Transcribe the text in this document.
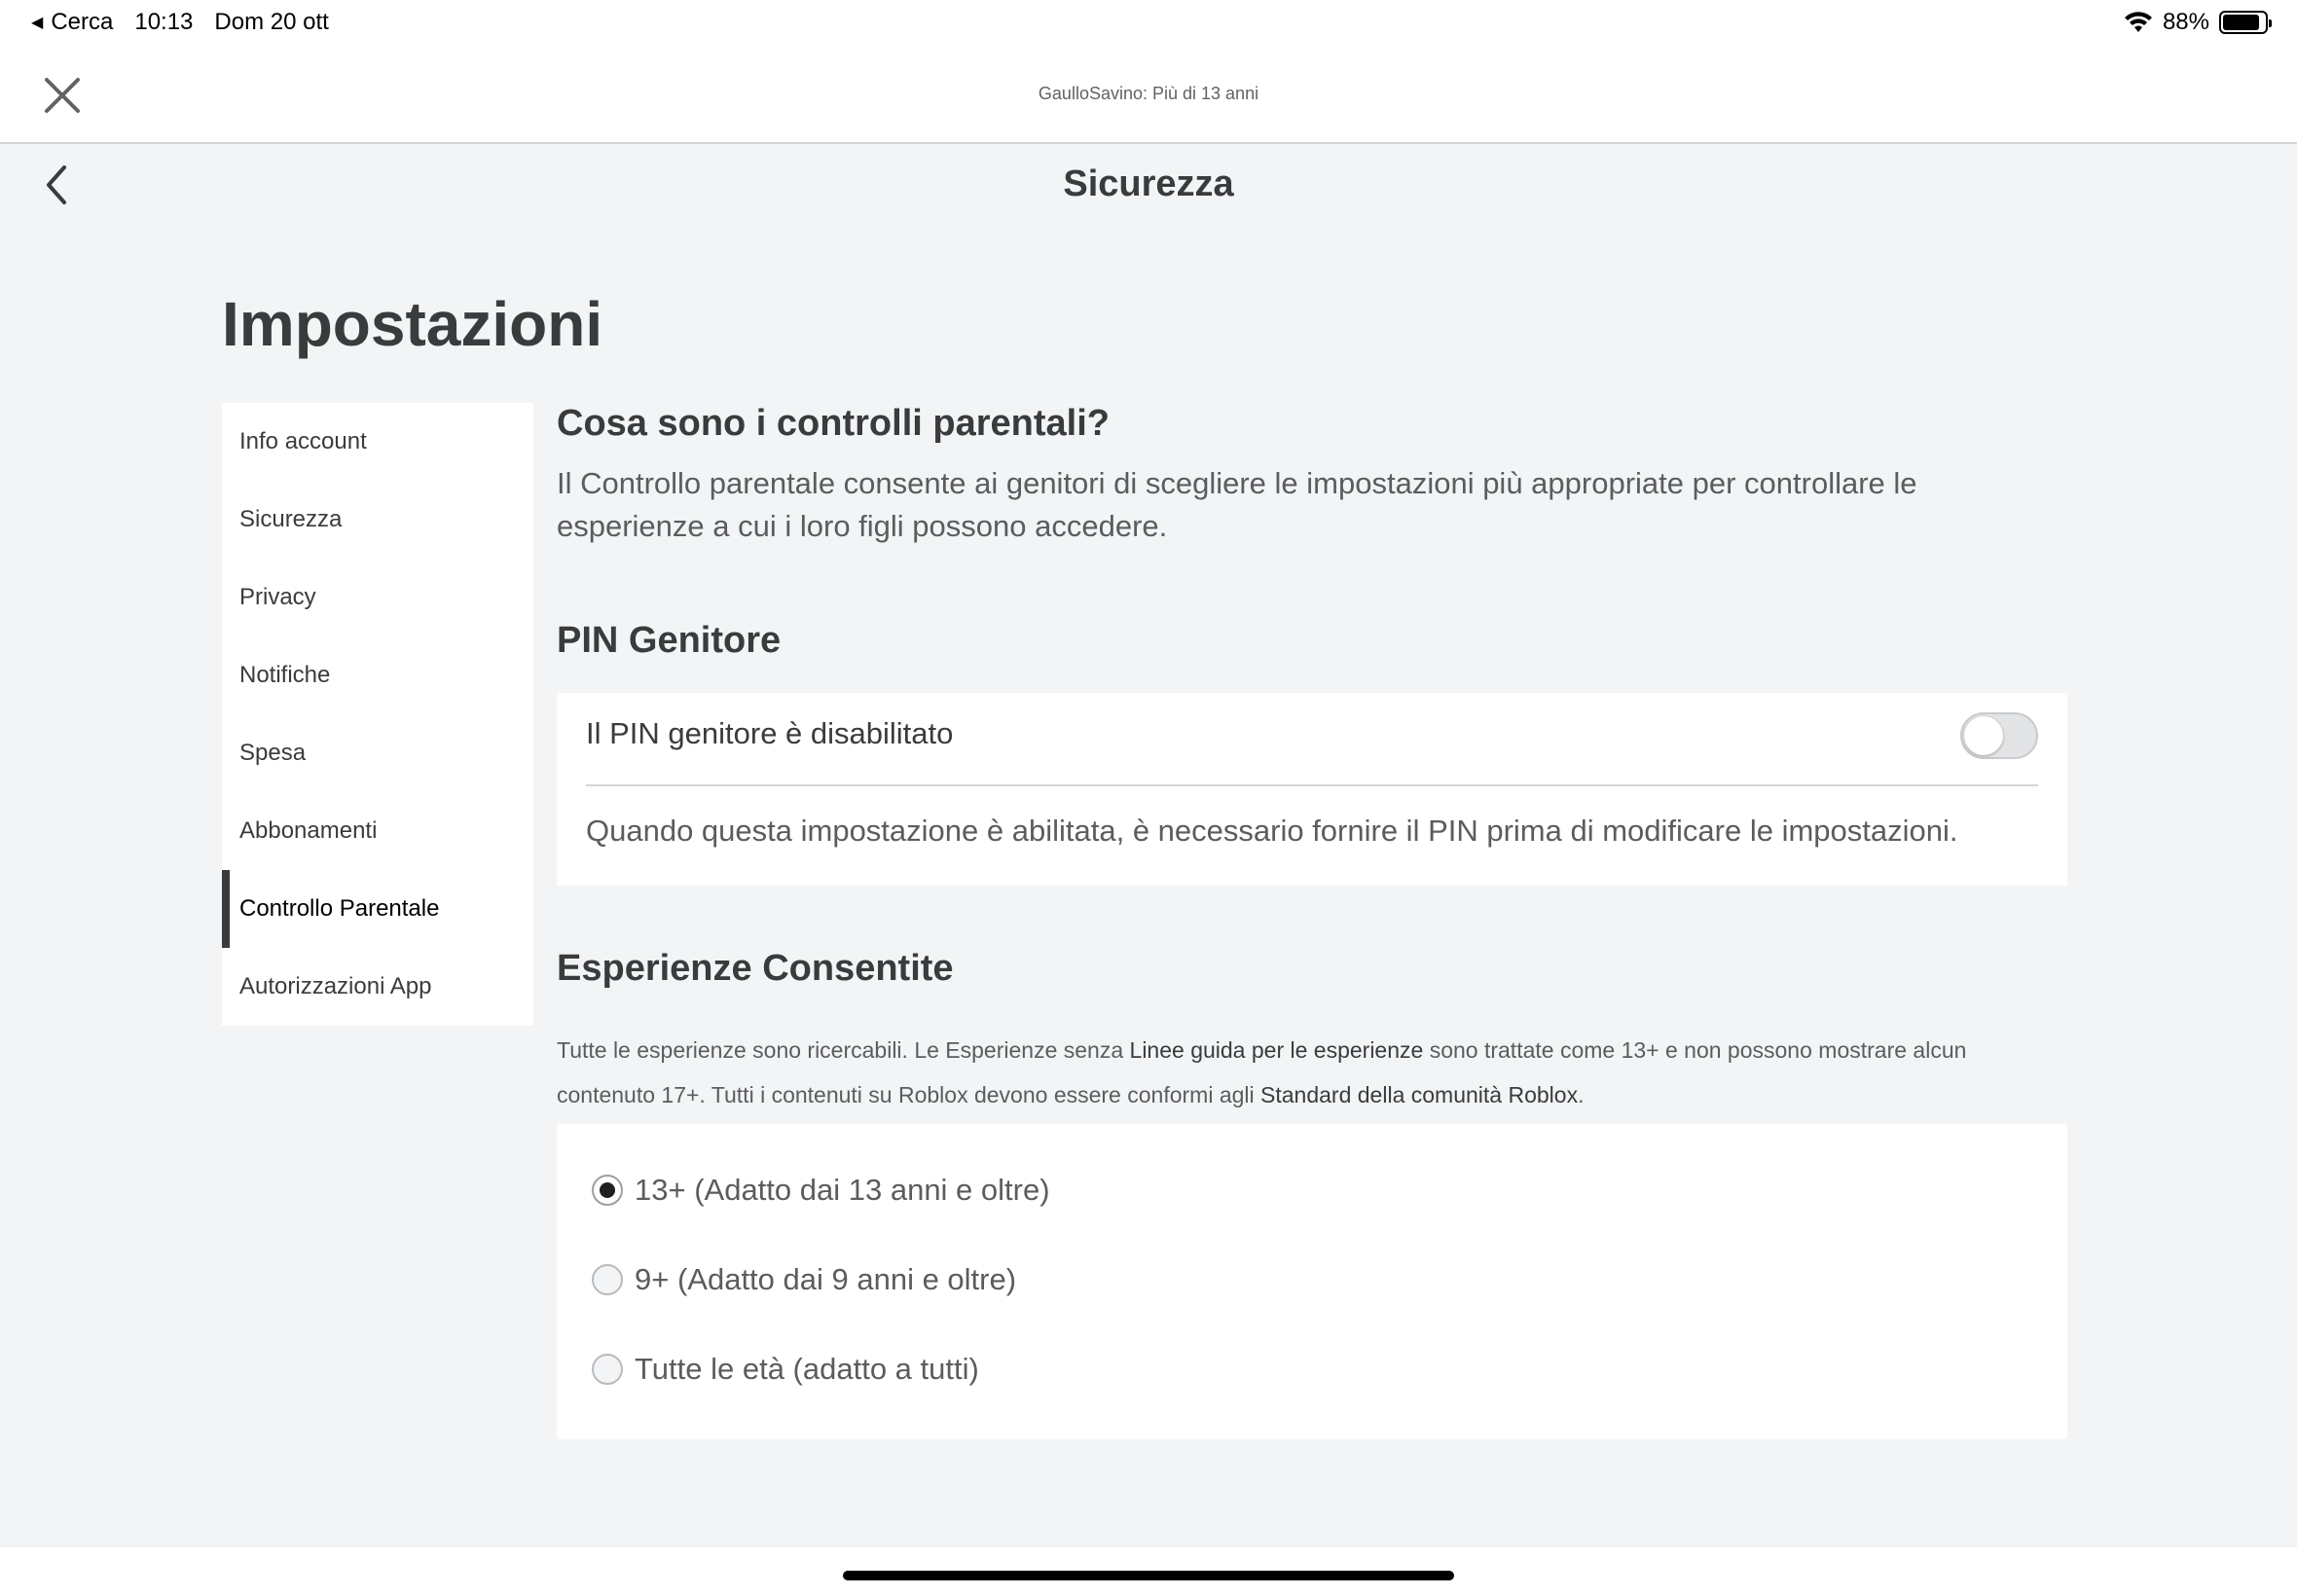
◀ Cerca 10:13 Dom 20 ott	88%
GaulloSavino: Più di 13 anni
Sicurezza
Impostazioni
Info account
Sicurezza
Privacy
Notifiche
Spesa
Abbonamenti
Controllo Parentale
Autorizzazioni App
Cosa sono i controlli parentali?
Il Controllo parentale consente ai genitori di scegliere le impostazioni più appropriate per controllare le esperienze a cui i loro figli possono accedere.
PIN Genitore
Il PIN genitore è disabilitato
Quando questa impostazione è abilitata, è necessario fornire il PIN prima di modificare le impostazioni.
Esperienze Consentite
Tutte le esperienze sono ricercabili. Le Esperienze senza Linee guida per le esperienze sono trattate come 13+ e non possono mostrare alcun contenuto 17+. Tutti i contenuti su Roblox devono essere conformi agli Standard della comunità Roblox.
13+ (Adatto dai 13 anni e oltre)
9+ (Adatto dai 9 anni e oltre)
Tutte le età (adatto a tutti)
